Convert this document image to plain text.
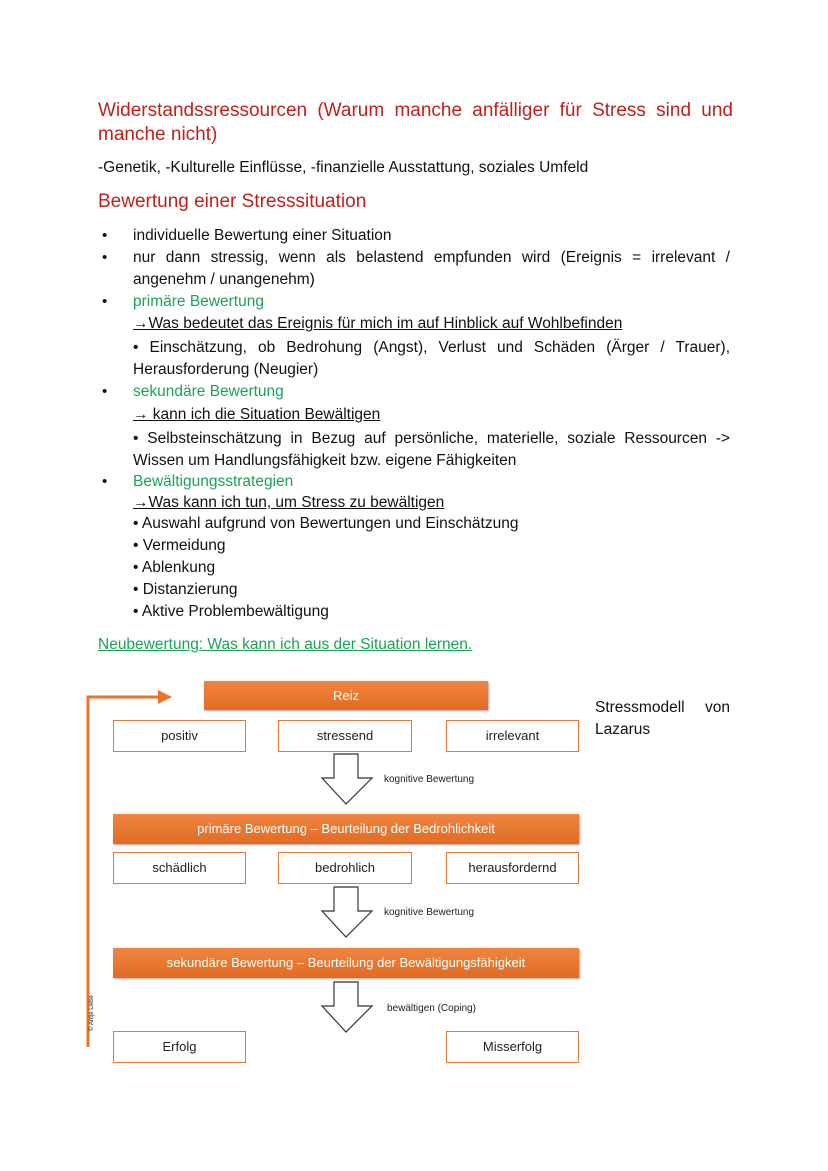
Widerstandssressourcen (Warum manche anfälliger für Stress sind und manche nicht)
-Genetik, -Kulturelle Einflüsse, -finanzielle Ausstattung, soziales Umfeld
Bewertung einer Stresssituation
• individuelle Bewertung einer Situation
• nur dann stressig, wenn als belastend empfunden wird (Ereignis = irrelevant / angenehm / unangenehm)
• primäre Bewertung
→Was bedeutet das Ereignis für mich im auf Hinblick auf Wohlbefinden
• Einschätzung, ob Bedrohung (Angst), Verlust und Schäden (Ärger / Trauer), Herausforderung (Neugier)
• sekundäre Bewertung
→ kann ich die Situation Bewältigen
• Selbsteinschätzung in Bezug auf persönliche, materielle, soziale Ressourcen -> Wissen um Handlungsfähigkeit bzw. eigene Fähigkeiten
• Bewältigungsstrategien
→Was kann ich tun, um Stress zu bewältigen
• Auswahl aufgrund von Bewertungen und Einschätzung
• Vermeidung
• Ablenkung
• Distanzierung
• Aktive Problembewältigung
Neubewertung: Was kann ich aus der Situation lernen.
© Antje Liebe
Reiz
positiv	stressend	irrelevant
kognitive Bewertung
primäre Bewertung – Beurteilung der Bedrohlichkeit
schädlich	bedrohlich	herausfordernd
kognitive Bewertung
sekundäre Bewertung – Beurteilung der Bewältigungsfähigkeit
bewältigen (Coping)
Erfolg	Misserfolg
Stressmodell von Lazarus
